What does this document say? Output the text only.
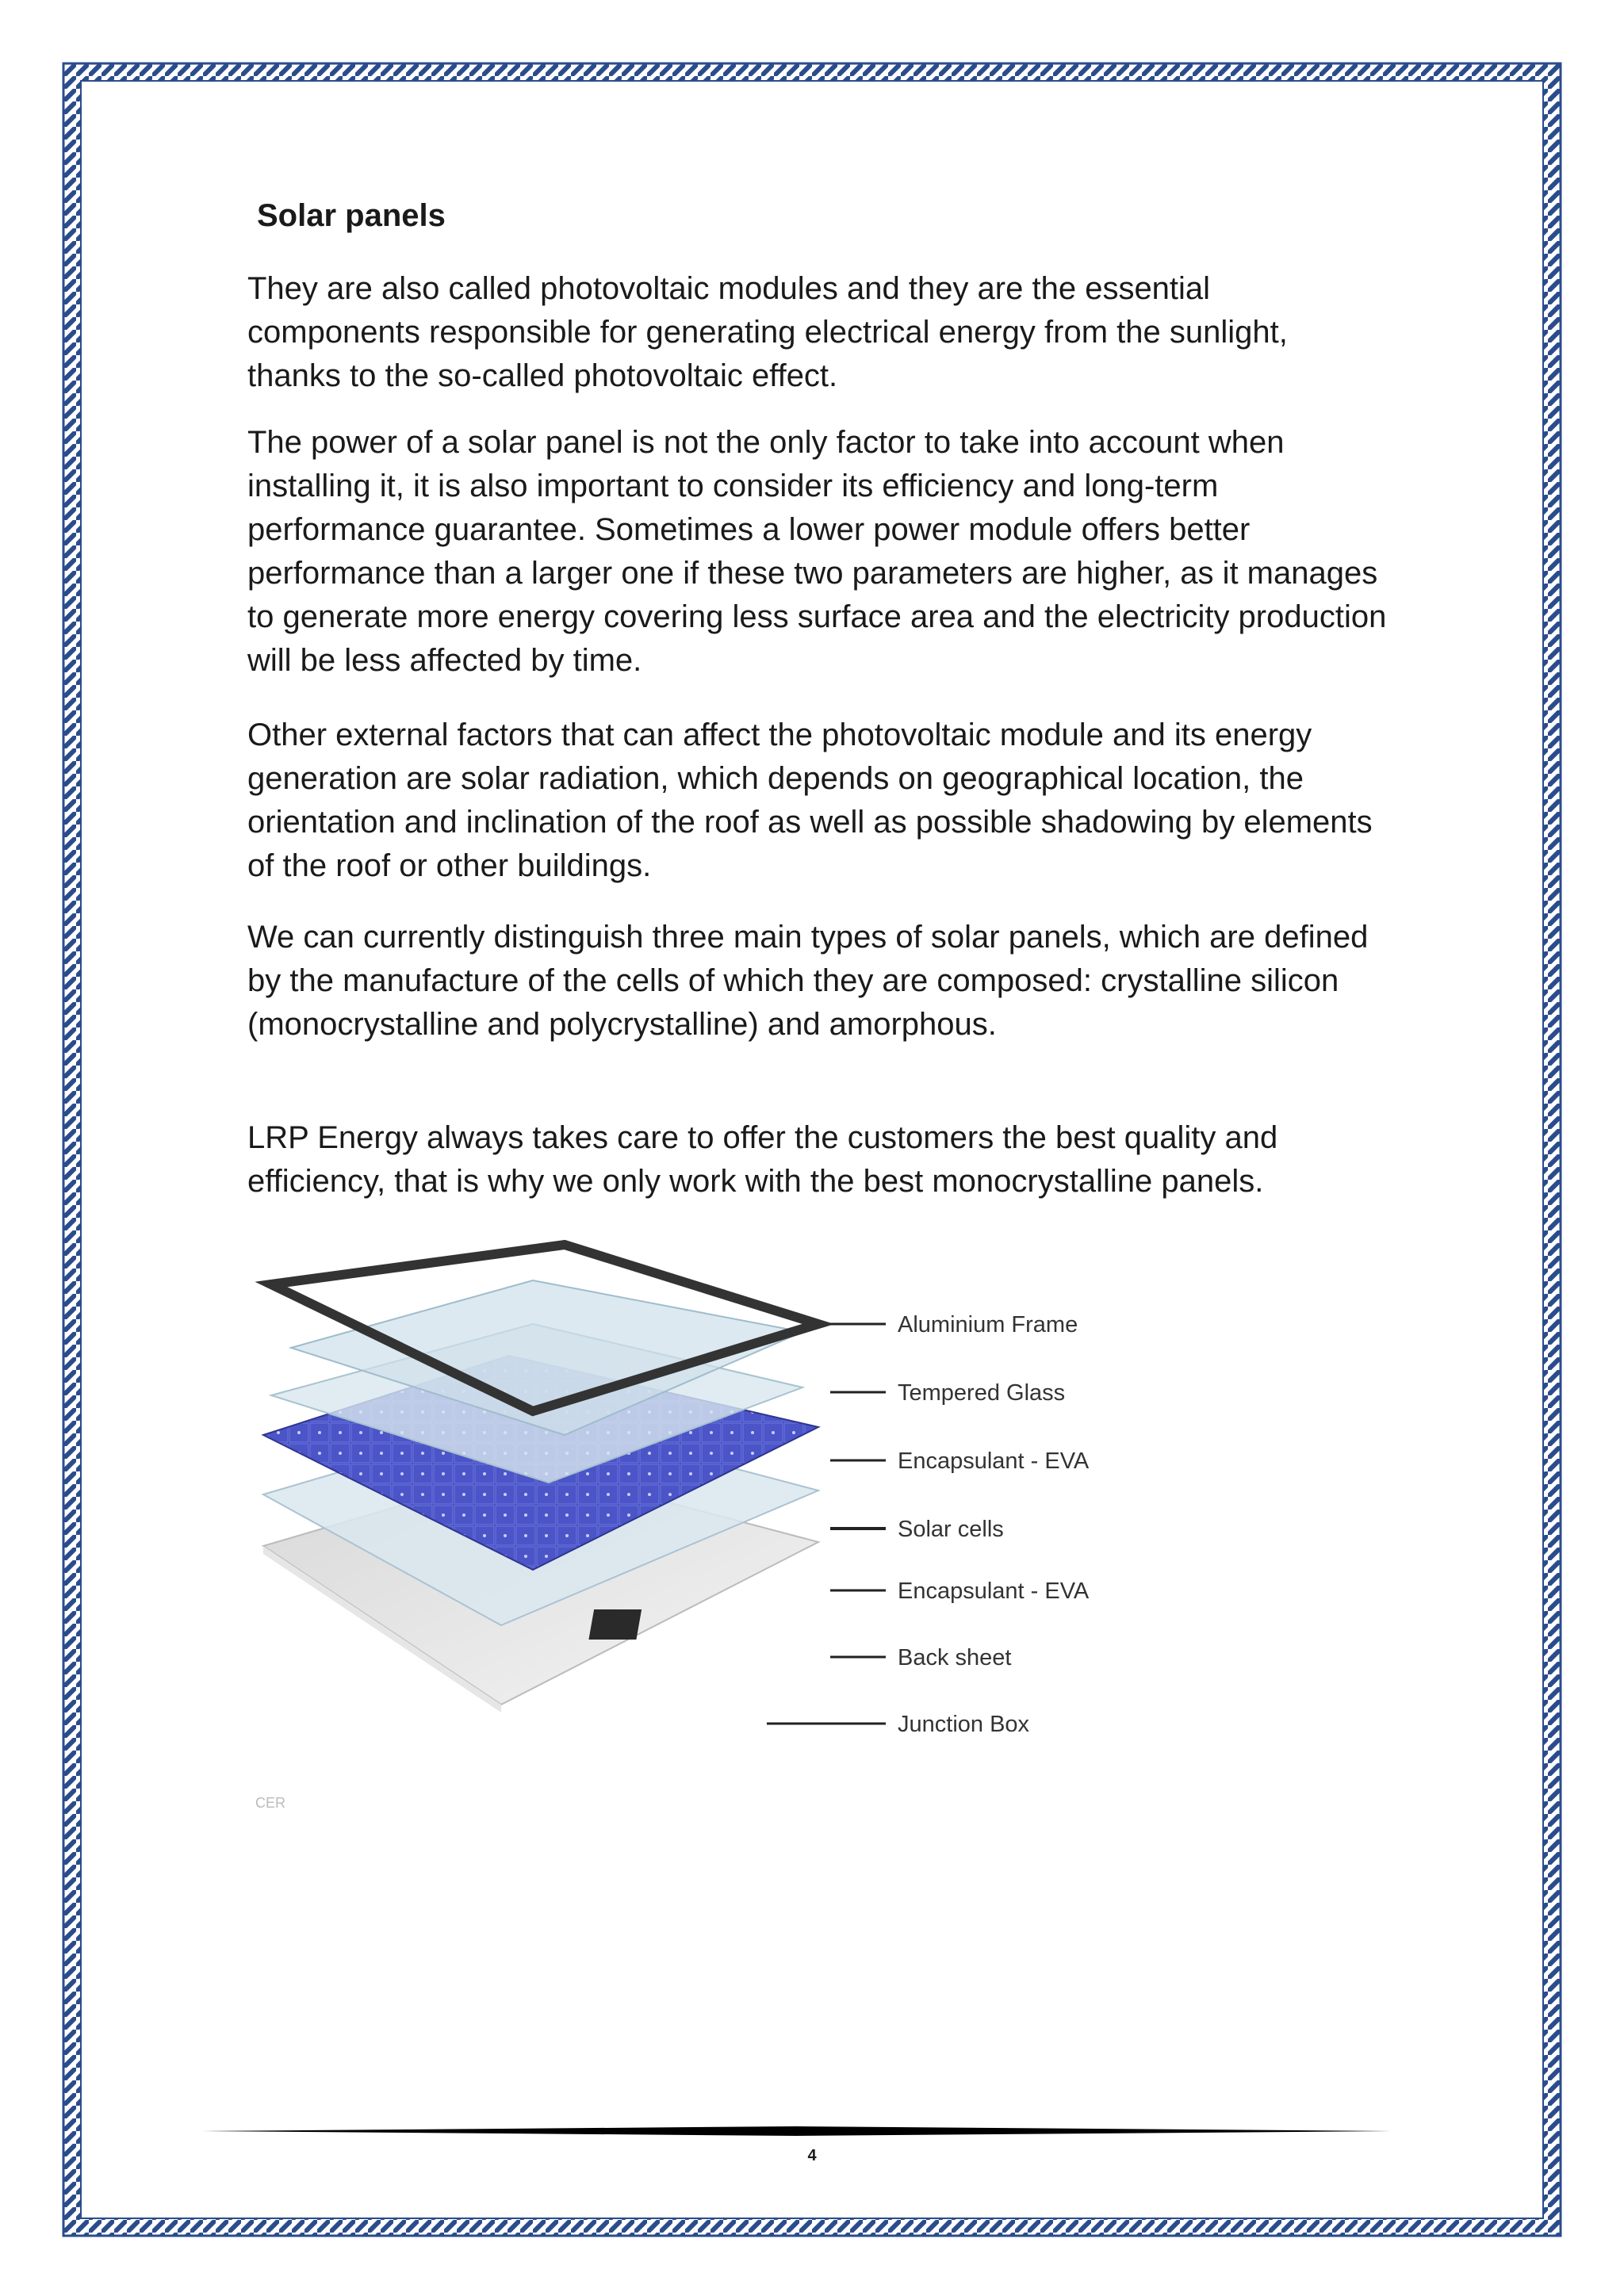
Solar panels

They are also called photovoltaic modules and they are the essential components responsible for generating electrical energy from the sunlight, thanks to the so-called photovoltaic effect.

The power of a solar panel is not the only factor to take into account when installing it, it is also important to consider its efficiency and long-term performance guarantee. Sometimes a lower power module offers better performance than a larger one if these two parameters are higher, as it manages to generate more energy covering less surface area and the electricity production will be less affected by time.

Other external factors that can affect the photovoltaic module and its energy generation are solar radiation, which depends on geographical location, the orientation and inclination of the roof as well as possible shadowing by elements of the roof or other buildings.

We can currently distinguish three main types of solar panels, which are defined by the manufacture of the cells of which they are composed: crystalline silicon (monocrystalline and polycrystalline) and amorphous.

LRP Energy always takes care to offer the customers the best quality and efficiency, that is why we only work with the best monocrystalline panels.

Aluminium Frame
Tempered Glass
Encapsulant - EVA
Solar cells
Encapsulant - EVA
Back sheet
Junction Box
CER
4
